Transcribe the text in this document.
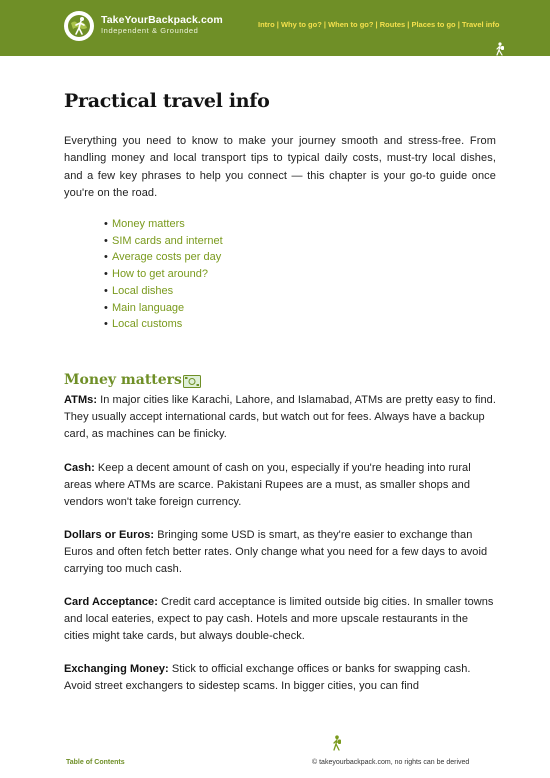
TakeYourBackpack.com
Independent & Grounded
Intro | Why to go? | When to go? | Routes | Places to go | Travel info
Practical travel info

Everything you need to know to make your journey smooth and stress-free. From handling money and local transport tips to typical daily costs, must-try local dishes, and a few key phrases to help you connect — this chapter is your go-to guide once you're on the road.

• Money matters
• SIM cards and internet
• Average costs per day
• How to get around?
• Local dishes
• Main language
• Local customs
Money matters

ATMs: In major cities like Karachi, Lahore, and Islamabad, ATMs are pretty easy to find. They usually accept international cards, but watch out for fees. Always have a backup card, as machines can be finicky.

Cash: Keep a decent amount of cash on you, especially if you're heading into rural areas where ATMs are scarce. Pakistani Rupees are a must, as smaller shops and vendors won't take foreign currency.

Dollars or Euros: Bringing some USD is smart, as they're easier to exchange than Euros and often fetch better rates. Only change what you need for a few days to avoid carrying too much cash.

Card Acceptance: Credit card acceptance is limited outside big cities. In smaller towns and local eateries, expect to pay cash. Hotels and more upscale restaurants in the cities might take cards, but always double-check.

Exchanging Money: Stick to official exchange offices or banks for swapping cash. Avoid street exchangers to sidestep scams. In bigger cities, you can find

Table of Contents	© takeyourbackpack.com, no rights can be derived
